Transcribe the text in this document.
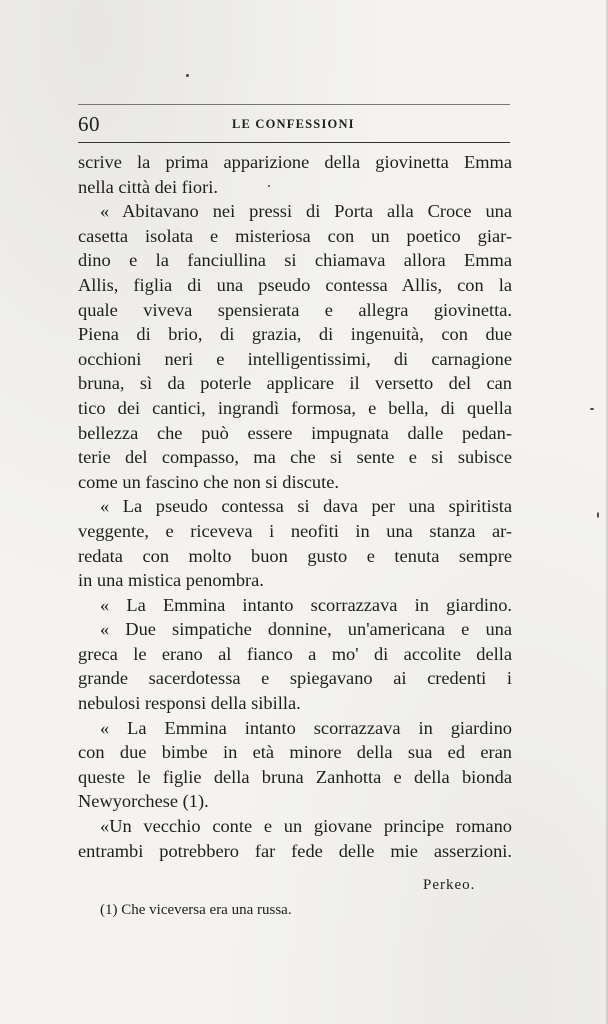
60	LE CONFESSIONI
scrive la prima apparizione della giovinetta Emma
nella città dei fiori.
« Abitavano nei pressi di Porta alla Croce una
casetta isolata e misteriosa con un poetico giar-
dino e la fanciullina si chiamava allora Emma
Allis, figlia di una pseudo contessa Allis, con la
quale viveva spensierata e allegra giovinetta.
Piena di brio, di grazia, di ingenuità, con due
occhioni neri e intelligentissimi, di carnagione
bruna, sì da poterle applicare il versetto del can
tico dei cantici, ingrandì formosa, e bella, di quella
bellezza che può essere impugnata dalle pedan-
terie del compasso, ma che si sente e si subisce
come un fascino che non si discute.
« La pseudo contessa si dava per una spiritista
veggente, e riceveva i neofiti in una stanza ar-
redata con molto buon gusto e tenuta sempre
in una mistica penombra.
« La Emmina intanto scorrazzava in giardino.
« Due simpatiche donnine, un'americana e una
greca le erano al fianco a mo' di accolite della
grande sacerdotessa e spiegavano ai credenti i
nebulosi responsi della sibilla.
« La Emmina intanto scorrazzava in giardino
con due bimbe in età minore della sua ed eran
queste le figlie della bruna Zanhotta e della bionda
Newyorchese (1).
«Un vecchio conte e un giovane principe romano
entrambi potrebbero far fede delle mie asserzioni.
Perkeo.
(1) Che viceversa era una russa.
